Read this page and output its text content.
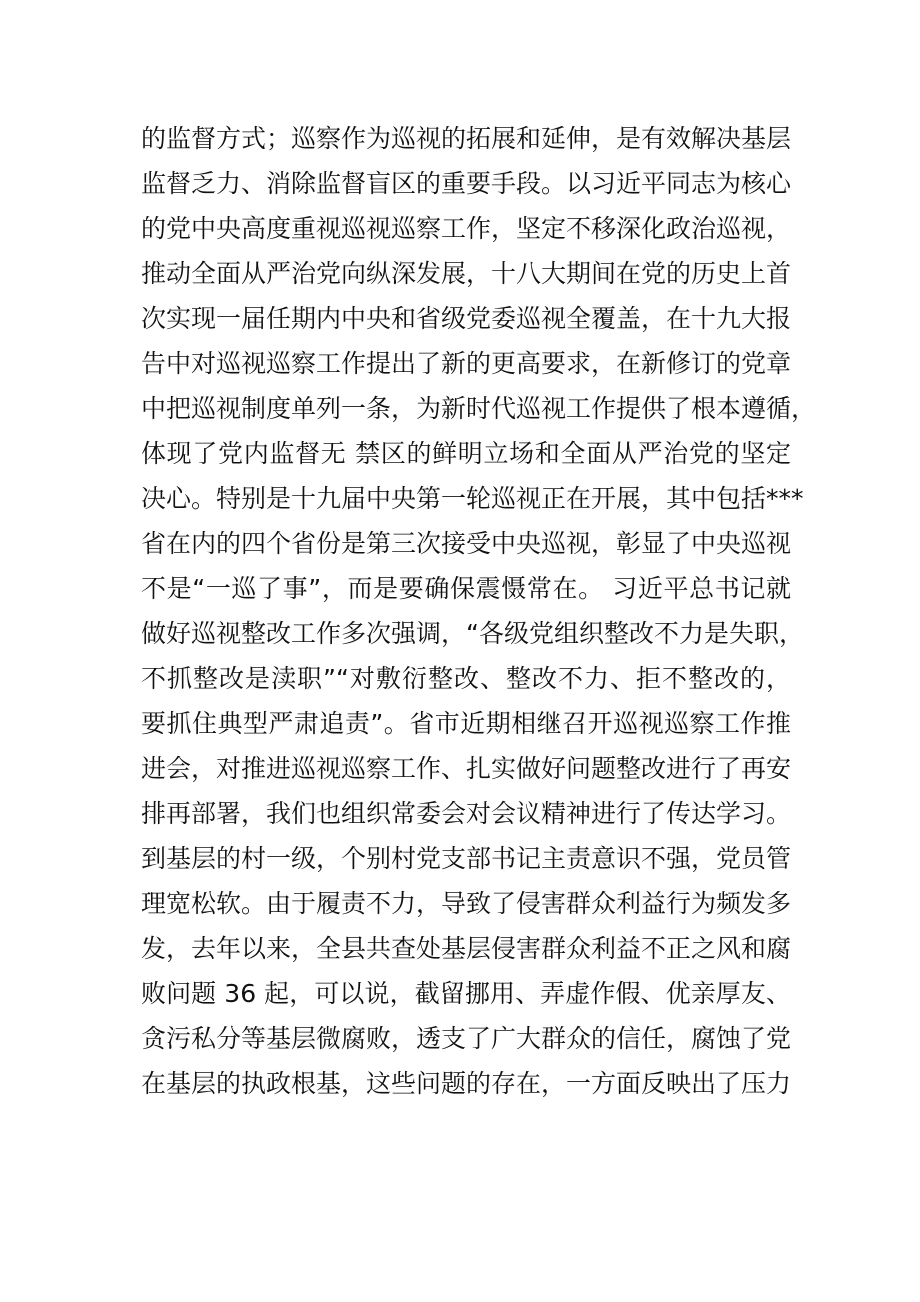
的监督方式；巡察作为巡视的拓展和延伸，是有效解决基层
监督乏力、消除监督盲区的重要手段。以习近平同志为核心
的党中央高度重视巡视巡察工作，坚定不移深化政治巡视，
推动全面从严治党向纵深发展，十八大期间在党的历史上首
次实现一届任期内中央和省级党委巡视全覆盖，在十九大报
告中对巡视巡察工作提出了新的更高要求，在新修订的党章
中把巡视制度单列一条，为新时代巡视工作提供了根本遵循，
体现了党内监督无 禁区的鲜明立场和全面从严治党的坚定
决心。特别是十九届中央第一轮巡视正在开展，其中包括***
省在内的四个省份是第三次接受中央巡视，彰显了中央巡视
不是“一巡了事”，而是要确保震慑常在。 习近平总书记就
做好巡视整改工作多次强调，“各级党组织整改不力是失职，
不抓整改是渎职”“对敷衍整改、整改不力、拒不整改的，
要抓住典型严肃追责”。省市近期相继召开巡视巡察工作推
进会，对推进巡视巡察工作、扎实做好问题整改进行了再安
排再部署，我们也组织常委会对会议精神进行了传达学习。
到基层的村一级，个别村党支部书记主责意识不强，党员管
理宽松软。由于履责不力，导致了侵害群众利益行为频发多
发，去年以来，全县共查处基层侵害群众利益不正之风和腐
败问题 36 起，可以说，截留挪用、弄虚作假、优亲厚友、
贪污私分等基层微腐败，透支了广大群众的信任，腐蚀了党
在基层的执政根基，这些问题的存在，一方面反映出了压力
